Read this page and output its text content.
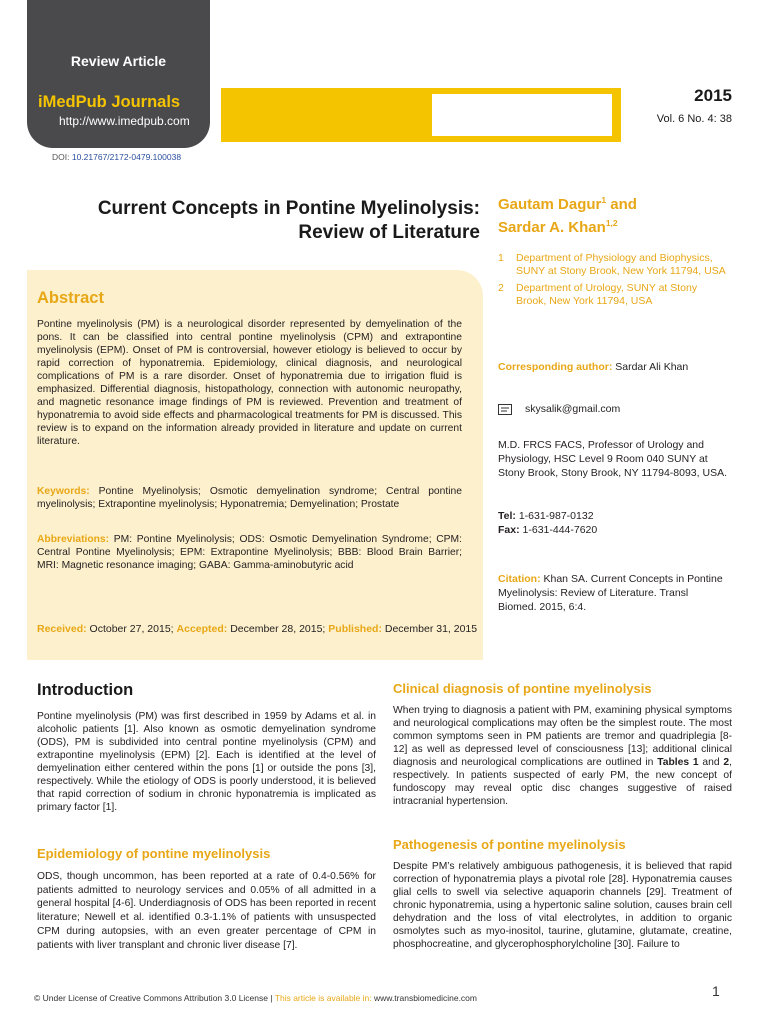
Review Article
iMedPub Journals
http://www.imedpub.com
Translational Biomedicine
ISSN 2172-0479
2015
Vol. 6 No. 4: 38
DOI: 10.21767/2172-0479.100038
Current Concepts in Pontine Myelinolysis:
Review of Literature
Gautam Dagur$^1$ and
Sardar A. Khan$^{1,2}$
1	Department of Physiology and Biophysics, SUNY at Stony Brook, New York 11794, USA
2	Department of Urology, SUNY at Stony Brook, New York 11794, USA
Corresponding author: Sardar Ali Khan
skysalik@gmail.com
M.D. FRCS FACS, Professor of Urology and Physiology, HSC Level 9 Room 040 SUNY at Stony Brook, Stony Brook, NY 11794-8093, USA.
Tel: 1-631-987-0132
Fax: 1-631-444-7620
Citation: Khan SA. Current Concepts in Pontine Myelinolysis: Review of Literature. Transl Biomed. 2015, 6:4.
Abstract
Pontine myelinolysis (PM) is a neurological disorder represented by demyelination of the pons. It can be classified into central pontine myelinolysis (CPM) and extrapontine myelinolysis (EPM). Onset of PM is controversial, however etiology is believed to occur by rapid correction of hyponatremia. Epidemiology, clinical diagnosis, and neurological complications of PM is a rare disorder. Onset of hyponatremia due to irrigation fluid is emphasized. Differential diagnosis, histopathology, connection with autonomic neuropathy, and magnetic resonance image findings of PM is reviewed. Prevention and treatment of hyponatremia to avoid side effects and pharmacological treatments for PM is discussed. This review is to expand on the information already provided in literature and update on current literature.
Keywords: Pontine Myelinolysis; Osmotic demyelination syndrome; Central pontine myelinolysis; Extrapontine myelinolysis; Hyponatremia; Demyelination; Prostate
Abbreviations: PM: Pontine Myelinolysis; ODS: Osmotic Demyelination Syndrome; CPM: Central Pontine Myelinolysis; EPM: Extrapontine Myelinolysis; BBB: Blood Brain Barrier; MRI: Magnetic resonance imaging; GABA: Gamma-aminobutyric acid
Received: October 27, 2015; Accepted: December 28, 2015; Published: December 31, 2015
Introduction
Pontine myelinolysis (PM) was first described in 1959 by Adams et al. in alcoholic patients [1]. Also known as osmotic demyelination syndrome (ODS), PM is subdivided into central pontine myelinolysis (CPM) and extrapontine myelinolysis (EPM) [2]. Each is identified at the level of demyelination either centered within the pons [1] or outside the pons [3], respectively. While the etiology of ODS is poorly understood, it is believed that rapid correction of sodium in chronic hyponatremia is implicated as primary factor [1].
Epidemiology of pontine myelinolysis
ODS, though uncommon, has been reported at a rate of 0.4-0.56% for patients admitted to neurology services and 0.05% of all admitted in a general hospital [4-6]. Underdiagnosis of ODS has been reported in recent literature; Newell et al. identified 0.3-1.1% of patients with unsuspected CPM during autopsies, with an even greater percentage of CPM in patients with liver transplant and chronic liver disease [7].
Clinical diagnosis of pontine myelinolysis
When trying to diagnosis a patient with PM, examining physical symptoms and neurological complications may often be the simplest route. The most common symptoms seen in PM patients are tremor and quadriplegia [8-12] as well as depressed level of consciousness [13]; additional clinical diagnosis and neurological complications are outlined in Tables 1 and 2, respectively. In patients suspected of early PM, the new concept of fundoscopy may reveal optic disc changes suggestive of raised intracranial hypertension.
Pathogenesis of pontine myelinolysis
Despite PM’s relatively ambiguous pathogenesis, it is believed that rapid correction of hyponatremia plays a pivotal role [28]. Hyponatremia causes glial cells to swell via selective aquaporin channels [29]. Treatment of chronic hyponatremia, using a hypertonic saline solution, causes brain cell dehydration and the loss of vital electrolytes, in addition to organic osmolytes such as myo-inositol, taurine, glutamine, glutamate, creatine, phosphocreatine, and glycerophosphorylcholine [30]. Failure to
© Under License of Creative Commons Attribution 3.0 License | This article is available in: www.transbiomedicine.com	1
